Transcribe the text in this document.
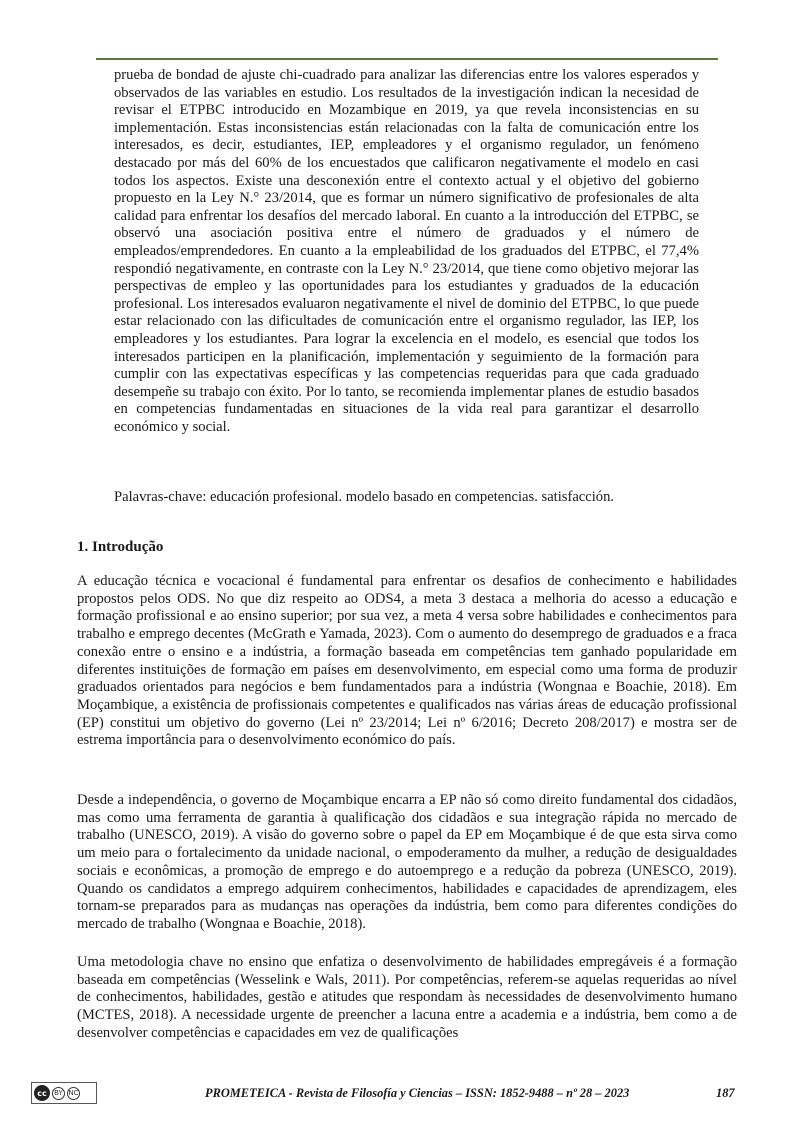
prueba de bondad de ajuste chi-cuadrado para analizar las diferencias entre los valores esperados y observados de las variables en estudio. Los resultados de la investigación indican la necesidad de revisar el ETPBC introducido en Mozambique en 2019, ya que revela inconsistencias en su implementación. Estas inconsistencias están relacionadas con la falta de comunicación entre los interesados, es decir, estudiantes, IEP, empleadores y el organismo regulador, un fenómeno destacado por más del 60% de los encuestados que calificaron negativamente el modelo en casi todos los aspectos. Existe una desconexión entre el contexto actual y el objetivo del gobierno propuesto en la Ley N.° 23/2014, que es formar un número significativo de profesionales de alta calidad para enfrentar los desafíos del mercado laboral. En cuanto a la introducción del ETPBC, se observó una asociación positiva entre el número de graduados y el número de empleados/emprendedores. En cuanto a la empleabilidad de los graduados del ETPBC, el 77,4% respondió negativamente, en contraste con la Ley N.° 23/2014, que tiene como objetivo mejorar las perspectivas de empleo y las oportunidades para los estudiantes y graduados de la educación profesional. Los interesados evaluaron negativamente el nivel de dominio del ETPBC, lo que puede estar relacionado con las dificultades de comunicación entre el organismo regulador, las IEP, los empleadores y los estudiantes. Para lograr la excelencia en el modelo, es esencial que todos los interesados participen en la planificación, implementación y seguimiento de la formación para cumplir con las expectativas específicas y las competencias requeridas para que cada graduado desempeñe su trabajo con éxito. Por lo tanto, se recomienda implementar planes de estudio basados en competencias fundamentadas en situaciones de la vida real para garantizar el desarrollo económico y social.

Palavras-chave: educación profesional. modelo basado en competencias. satisfacción.

1. Introdução

A educação técnica e vocacional é fundamental para enfrentar os desafios de conhecimento e habilidades propostos pelos ODS. No que diz respeito ao ODS4, a meta 3 destaca a melhoria do acesso a educação e formação profissional e ao ensino superior; por sua vez, a meta 4 versa sobre habilidades e conhecimentos para trabalho e emprego decentes (McGrath e Yamada, 2023). Com o aumento do desemprego de graduados e a fraca conexão entre o ensino e a indústria, a formação baseada em competências tem ganhado popularidade em diferentes instituições de formação em países em desenvolvimento, em especial como uma forma de produzir graduados orientados para negócios e bem fundamentados para a indústria (Wongnaa e Boachie, 2018). Em Moçambique, a existência de profissionais competentes e qualificados nas várias áreas de educação profissional (EP) constitui um objetivo do governo (Lei nº 23/2014; Lei nº 6/2016; Decreto 208/2017) e mostra ser de estrema importância para o desenvolvimento económico do país.

Desde a independência, o governo de Moçambique encarra a EP não só como direito fundamental dos cidadãos, mas como uma ferramenta de garantia à qualificação dos cidadãos e sua integração rápida no mercado de trabalho (UNESCO, 2019). A visão do governo sobre o papel da EP em Moçambique é de que esta sirva como um meio para o fortalecimento da unidade nacional, o empoderamento da mulher, a redução de desigualdades sociais e econômicas, a promoção de emprego e do autoemprego e a redução da pobreza (UNESCO, 2019). Quando os candidatos a emprego adquirem conhecimentos, habilidades e capacidades de aprendizagem, eles tornam-se preparados para as mudanças nas operações da indústria, bem como para diferentes condições do mercado de trabalho (Wongnaa e Boachie, 2018).

Uma metodologia chave no ensino que enfatiza o desenvolvimento de habilidades empregáveis é a formação baseada em competências (Wesselink e Wals, 2011). Por competências, referem-se aquelas requeridas ao nível de conhecimentos, habilidades, gestão e atitudes que respondam às necessidades de desenvolvimento humano (MCTES, 2018). A necessidade urgente de preencher a lacuna entre a academia e a indústria, bem como a de desenvolver competências e capacidades em vez de qualificações

cc	BY NC	PROMETEICA - Revista de Filosofía y Ciencias – ISSN: 1852-9488 – nº 28 – 2023	187
